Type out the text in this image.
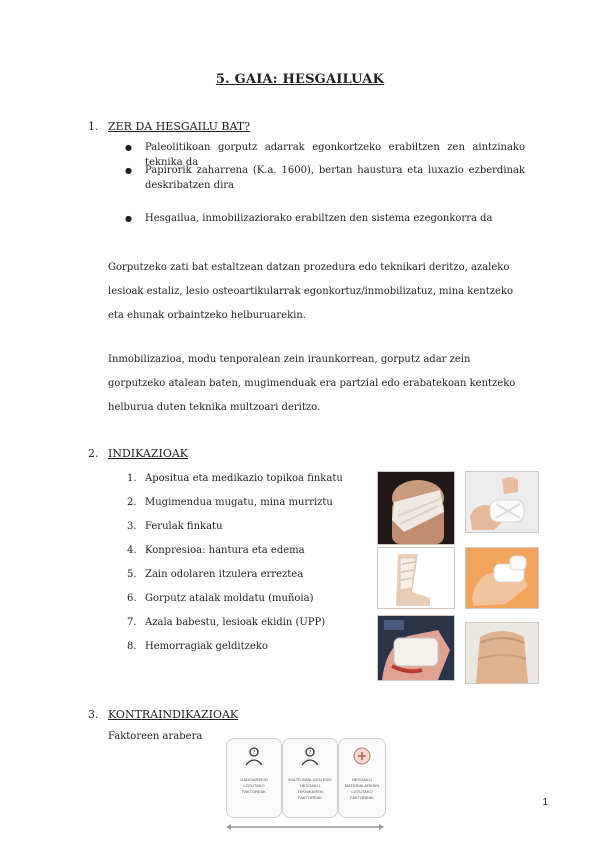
5. GAIA: HESGAILUAK
1. ZER DA HESGAILU BAT?
● Paleolitikoan gorputz adarrak egonkortzeko erabiltzen zen aintzinako teknika da
● Papirorik zaharrena (K.a. 1600), bertan haustura eta luxazio ezberdinak deskribatzen dira
● Hesgailua, inmobilizaziorako erabiltzen den sistema ezegonkorra da
Gorputzeko zati bat estaltzean datzan prozedura edo teknikari deritzo, azaleko lesioak estaliz, lesio osteoartikularrak egonkortuz/inmobilizatuz, mina kentzeko eta ehunak orbaintzeko helburuarekin.
Inmobilizazioa, modu tenporalean zein iraunkorrean, gorputz adar zein gorputzeko atalean baten, mugimenduak era partzial edo erabatekoan kentzeko helburua duten teknika multzoari deritzo.
2. INDIKAZIOAK
1. Apositua eta medikazio topikoa finkatu
2. Mugimendua mugatu, mina murriztu
3. Ferulak finkatu
4. Konpresioa: hantura eta edema
5. Zain odolaren itzulera erreztea
6. Gorputz atalak moldatu (muñoia)
7. Azala babestu, lesioak ekidin (UPP)
8. Hemorragiak gelditzeko
3. KONTRAINDIKAZIOAK
Faktoreen arabera
?
GAIXOAREKIN LOTUTAKO FAKTOREAK
?
KALTE AHAL DEN EDO HESGAILU TEKNIKAREN FAKTOREAK
HESGAILU MATERIALAREKIN LOTUTAKO FAKTOREAK	1
